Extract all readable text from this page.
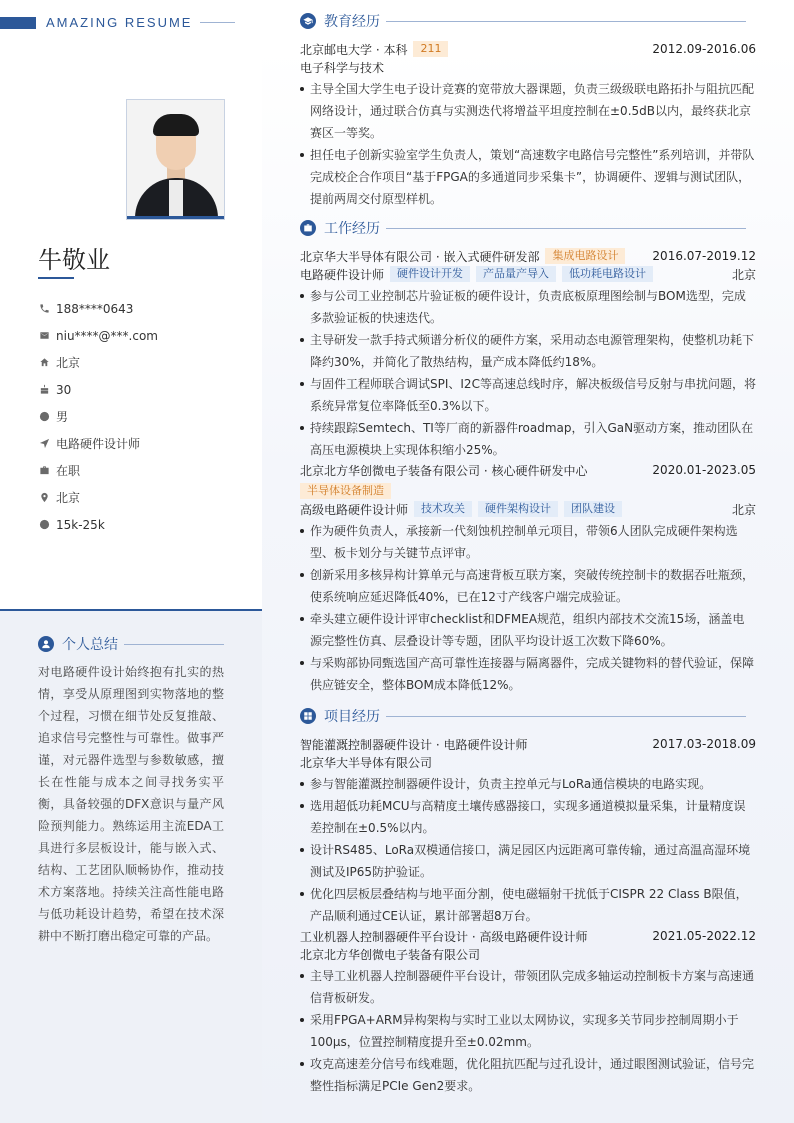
AMAZING RESUME
牛敬业
188****0643
niu****@***.com
北京
30
男
电路硬件设计师
在职
北京
15k-25k
个人总结
对电路硬件设计始终抱有扎实的热情，享受从原理图到实物落地的整个过程，习惯在细节处反复推敲、追求信号完整性与可靠性。做事严谨，对元器件选型与参数敏感，擅长在性能与成本之间寻找务实平衡，具备较强的DFX意识与量产风险预判能力。熟练运用主流EDA工具进行多层板设计，能与嵌入式、结构、工艺团队顺畅协作，推动技术方案落地。持续关注高性能电路与低功耗设计趋势，希望在技术深耕中不断打磨出稳定可靠的产品。
教育经历
北京邮电大学 · 本科	211	2012.09-2016.06
电子科学与技术
主导全国大学生电子设计竞赛的宽带放大器课题，负责三级级联电路拓扑与阻抗匹配网络设计，通过联合仿真与实测迭代将增益平坦度控制在±0.5dB以内，最终获北京赛区一等奖。
担任电子创新实验室学生负责人，策划“高速数字电路信号完整性”系列培训，并带队完成校企合作项目“基于FPGA的多通道同步采集卡”，协调硬件、逻辑与测试团队，提前两周交付原型样机。
工作经历
北京华大半导体有限公司 · 嵌入式硬件研发部	集成电路设计	2016.07-2019.12
电路硬件设计师	硬件设计开发	产品量产导入	低功耗电路设计	北京
参与公司工业控制芯片验证板的硬件设计，负责底板原理图绘制与BOM选型，完成多款验证板的快速迭代。
主导研发一款手持式频谱分析仪的硬件方案，采用动态电源管理架构，使整机功耗下降约30%，并简化了散热结构，量产成本降低约18%。
与固件工程师联合调试SPI、I2C等高速总线时序，解决板级信号反射与串扰问题，将系统异常复位率降低至0.3%以下。
持续跟踪Semtech、TI等厂商的新器件roadmap，引入GaN驱动方案，推动团队在高压电源模块上实现体积缩小25%。
北京北方华创微电子装备有限公司 · 核心硬件研发中心	2020.01-2023.05
半导体设备制造
高级电路硬件设计师	技术攻关	硬件架构设计	团队建设	北京
作为硬件负责人，承接新一代刻蚀机控制单元项目，带领6人团队完成硬件架构选型、板卡划分与关键节点评审。
创新采用多核异构计算单元与高速背板互联方案，突破传统控制卡的数据吞吐瓶颈，使系统响应延迟降低40%，已在12寸产线客户端完成验证。
牵头建立硬件设计评审checklist和DFMEA规范，组织内部技术交流15场，涵盖电源完整性仿真、层叠设计等专题，团队平均设计返工次数下降60%。
与采购部协同甄选国产高可靠性连接器与隔离器件，完成关键物料的替代验证，保障供应链安全，整体BOM成本降低12%。
项目经历
智能灌溉控制器硬件设计 · 电路硬件设计师	2017.03-2018.09
北京华大半导体有限公司
参与智能灌溉控制器硬件设计，负责主控单元与LoRa通信模块的电路实现。
选用超低功耗MCU与高精度土壤传感器接口，实现多通道模拟量采集，计量精度误差控制在±0.5%以内。
设计RS485、LoRa双模通信接口，满足园区内远距离可靠传输，通过高温高湿环境测试及IP65防护验证。
优化四层板层叠结构与地平面分割，使电磁辐射干扰低于CISPR 22 Class B限值，产品顺利通过CE认证，累计部署超8万台。
工业机器人控制器硬件平台设计 · 高级电路硬件设计师	2021.05-2022.12
北京北方华创微电子装备有限公司
主导工业机器人控制器硬件平台设计，带领团队完成多轴运动控制板卡方案与高速通信背板研发。
采用FPGA+ARM异构架构与实时工业以太网协议，实现多关节同步控制周期小于100μs，位置控制精度提升至±0.02mm。
攻克高速差分信号布线难题，优化阻抗匹配与过孔设计，通过眼图测试验证，信号完整性指标满足PCIe Gen2要求。
